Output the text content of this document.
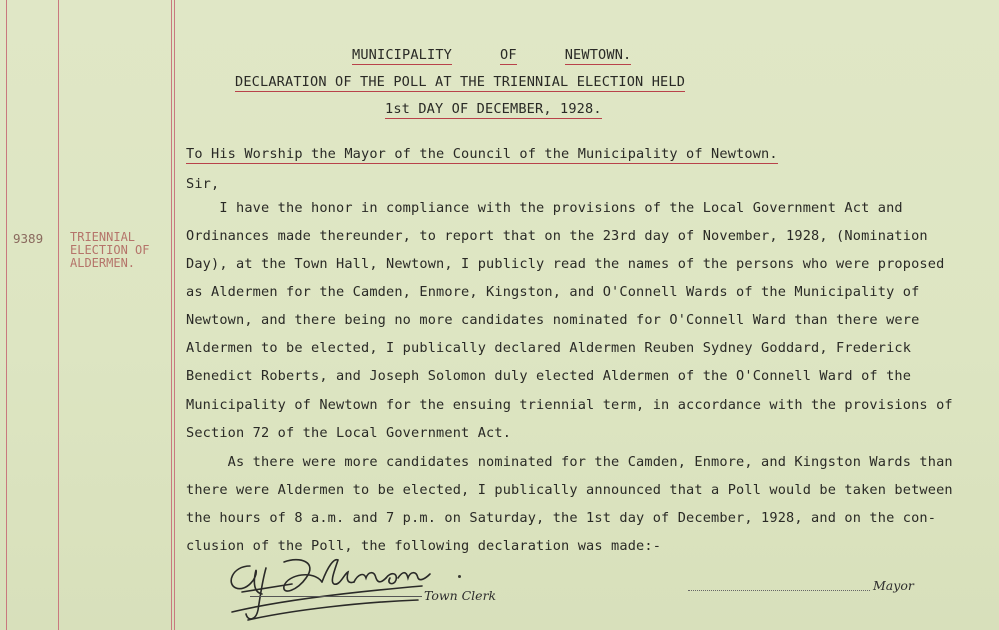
9389 TRIENNIAL
ELECTION OF
ALDERMEN.
MUNICIPALITY	OF	NEWTOWN.
DECLARATION OF THE POLL AT THE TRIENNIAL ELECTION HELD
1st DAY OF DECEMBER, 1928.
To His Worship the Mayor of the Council of the Municipality of Newtown.
Sir,
I have the honor in compliance with the provisions of the Local Government Act and
Ordinances made thereunder, to report that on the 23rd day of November, 1928, (Nomination
Day), at the Town Hall, Newtown, I publicly read the names of the persons who were proposed
as Aldermen for the Camden, Enmore, Kingston, and O'Connell Wards of the Municipality of
Newtown, and there being no more candidates nominated for O'Connell Ward than there were
Aldermen to be elected, I publically declared Aldermen Reuben Sydney Goddard, Frederick
Benedict Roberts, and Joseph Solomon duly elected Aldermen of the O'Connell Ward of the
Municipality of Newtown for the ensuing triennial term, in accordance with the provisions of
Section 72 of the Local Government Act.
As there were more candidates nominated for the Camden, Enmore, and Kingston Wards than
there were Aldermen to be elected, I publically announced that a Poll would be taken between
the hours of 8 a.m. and 7 p.m. on Saturday, the 1st day of December, 1928, and on the con-
clusion of the Poll, the following declaration was made:-
Town Clerk
Mayor
